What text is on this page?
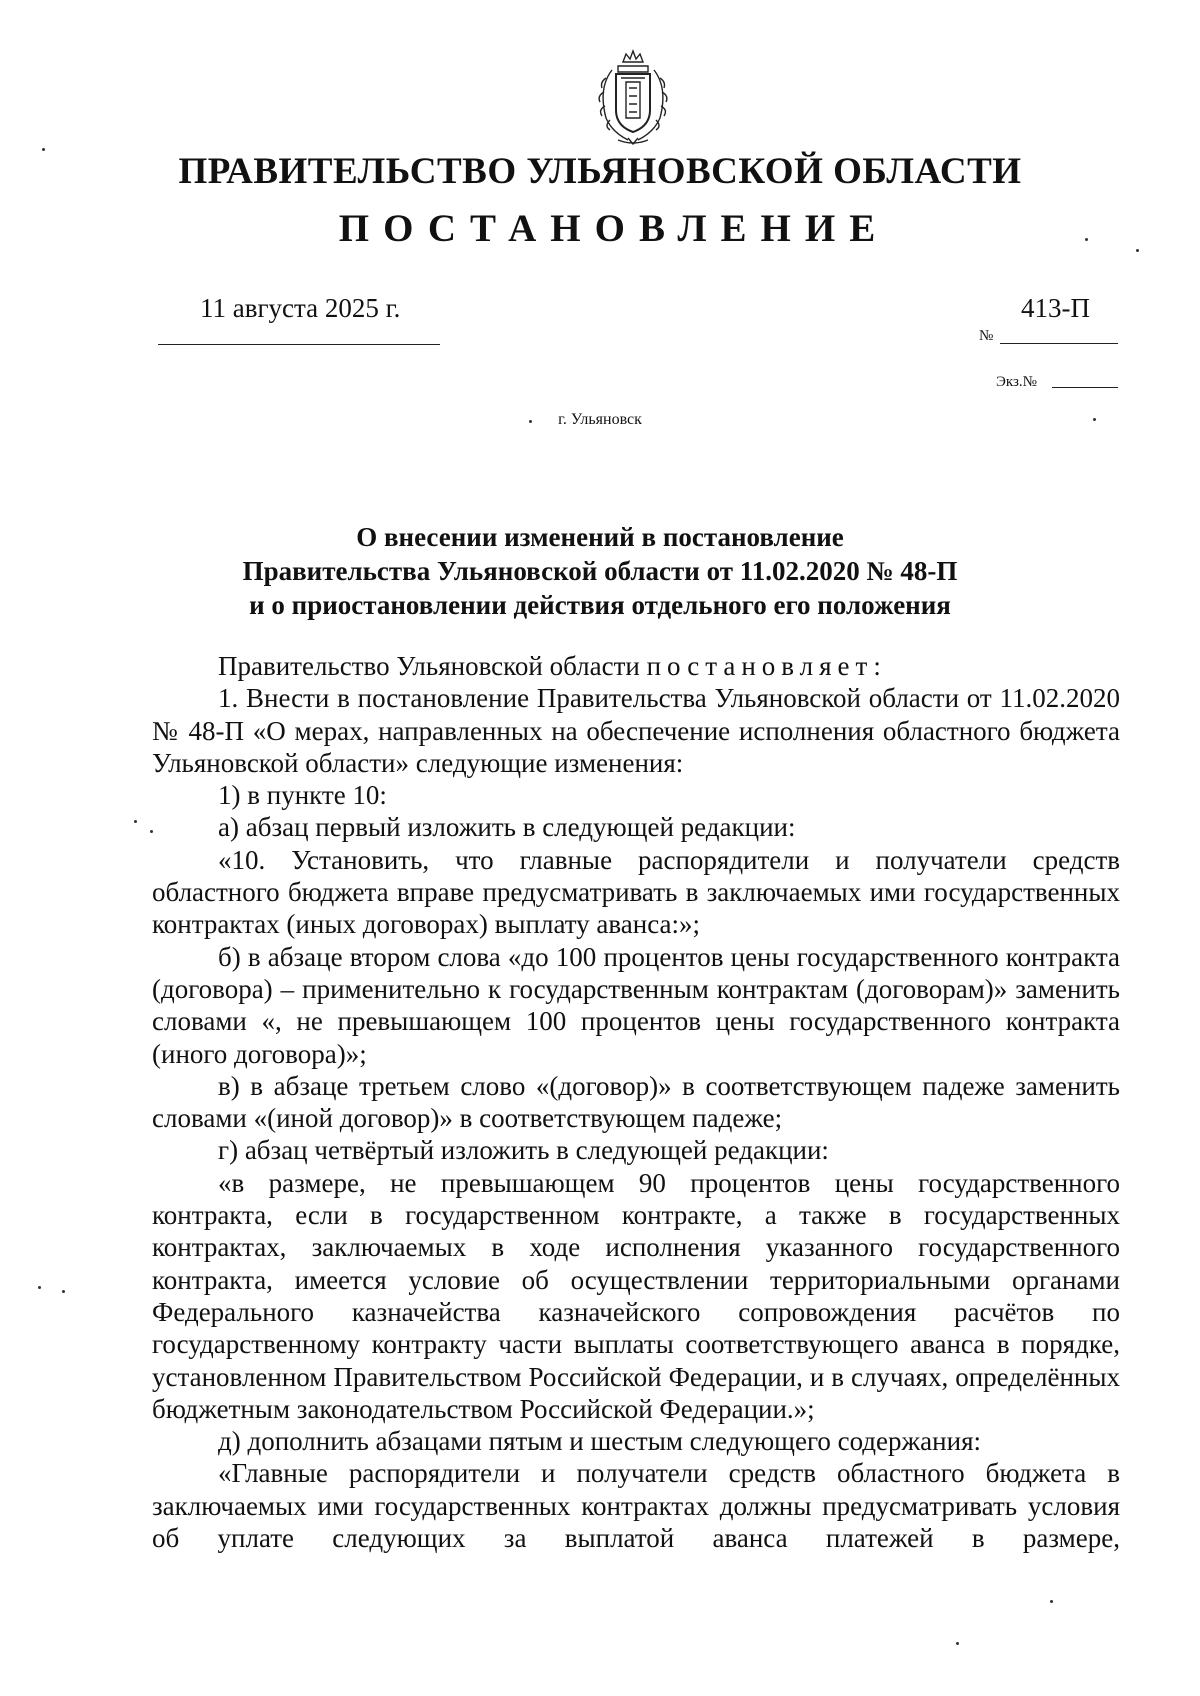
ПРАВИТЕЛЬСТВО УЛЬЯНОВСКОЙ ОБЛАСТИ
ПОСТАНОВЛЕНИЕ
11 августа 2025 г.	413-П
№
Экз.№
г. Ульяновск
О внесении изменений в постановление
Правительства Ульяновской области от 11.02.2020 № 48-П
и о приостановлении действия отдельного его положения

Правительство Ульяновской области постановляет:

1. Внести в постановление Правительства Ульяновской области от 11.02.2020 № 48-П «О мерах, направленных на обеспечение исполнения областного бюджета Ульяновской области» следующие изменения:

1) в пункте 10:

а) абзац первый изложить в следующей редакции:

«10. Установить, что главные распорядители и получатели средств областного бюджета вправе предусматривать в заключаемых ими государственных контрактах (иных договорах) выплату аванса:»;

б) в абзаце втором слова «до 100 процентов цены государственного контракта (договора) – применительно к государственным контрактам (договорам)» заменить словами «, не превышающем 100 процентов цены государственного контракта (иного договора)»;

в) в абзаце третьем слово «(договор)» в соответствующем падеже заменить словами «(иной договор)» в соответствующем падеже;

г) абзац четвёртый изложить в следующей редакции:

«в размере, не превышающем 90 процентов цены государственного контракта, если в государственном контракте, а также в государственных контрактах, заключаемых в ходе исполнения указанного государственного контракта, имеется условие об осуществлении территориальными органами Федерального казначейства казначейского сопровождения расчётов по государственному контракту части выплаты соответствующего аванса в порядке, установленном Правительством Российской Федерации, и в случаях, определённых бюджетным законодательством Российской Федерации.»;

д) дополнить абзацами пятым и шестым следующего содержания:

«Главные распорядители и получатели средств областного бюджета в заключаемых ими государственных контрактах должны предусматривать условия об уплате следующих за выплатой аванса платежей в размере,
